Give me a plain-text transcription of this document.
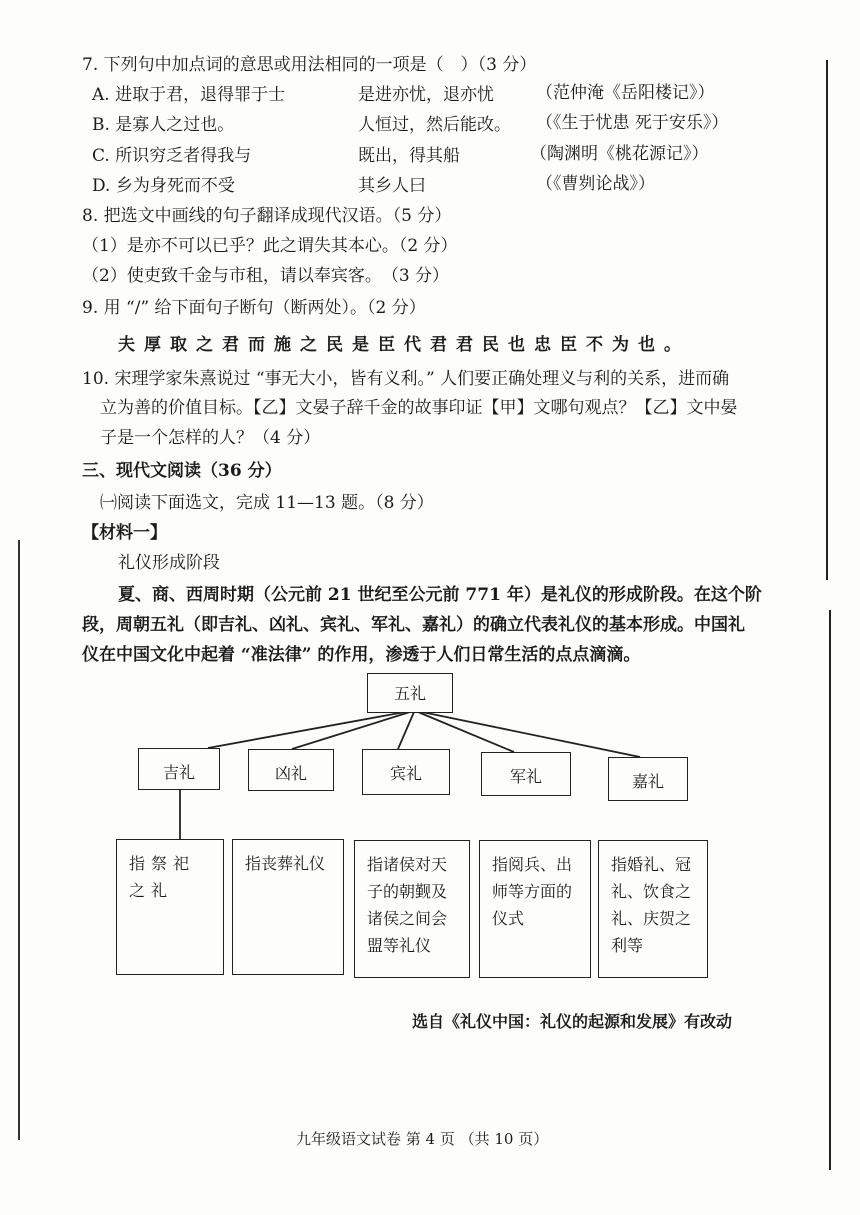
7. 下列句中加点词的意思或用法相同的一项是（　）（3 分）
A. 进取于君，退得罪于士	是进亦忧，退亦忧 （范仲淹《岳阳楼记》）
B. 是寡人之过也。	人恒过，然后能改。 （《生于忧患 死于安乐》）
C. 所识穷乏者得我与	既出，得其船	（陶渊明《桃花源记》）
D. 乡为身死而不受	其乡人曰	（《曹刿论战》）
8. 把选文中画线的句子翻译成现代汉语。（5 分）
（1）是亦不可以已乎？此之谓失其本心。（2 分）
（2）使吏致千金与市租，请以奉宾客。　（3 分）
9. 用 “/” 给下面句子断句（断两处）。（2 分）
夫厚取之君而施之民是臣代君君民也忠臣不为也。
10. 宋理学家朱熹说过 “事无大小，皆有义利。” 人们要正确处理义与利的关系，进而确
立为善的价值目标。【乙】文晏子辞千金的故事印证【甲】文哪句观点？【乙】文中晏
子是一个怎样的人？（4 分）
三、现代文阅读（36 分）
㈠阅读下面选文，完成 11—13 题。（8 分）
【材料一】
礼仪形成阶段
夏、商、西周时期（公元前 21 世纪至公元前 771 年）是礼仪的形成阶段。在这个阶
段，周朝五礼（即吉礼、凶礼、宾礼、军礼、嘉礼）的确立代表礼仪的基本形成。中国礼
仪在中国文化中起着 “准法律” 的作用，渗透于人们日常生活的点点滴滴。
五礼
吉礼	凶礼	宾礼	军礼	嘉礼
指祭祀之礼
指丧葬礼仪	指诸侯对天子的朝觐及诸侯之间会盟等礼仪
指阅兵、出师等方面的仪式
指婚礼、冠礼、饮食之礼、庆贺之利等
选自《礼仪中国：礼仪的起源和发展》有改动
九年级语文试卷 第 4 页 （共 10 页）
